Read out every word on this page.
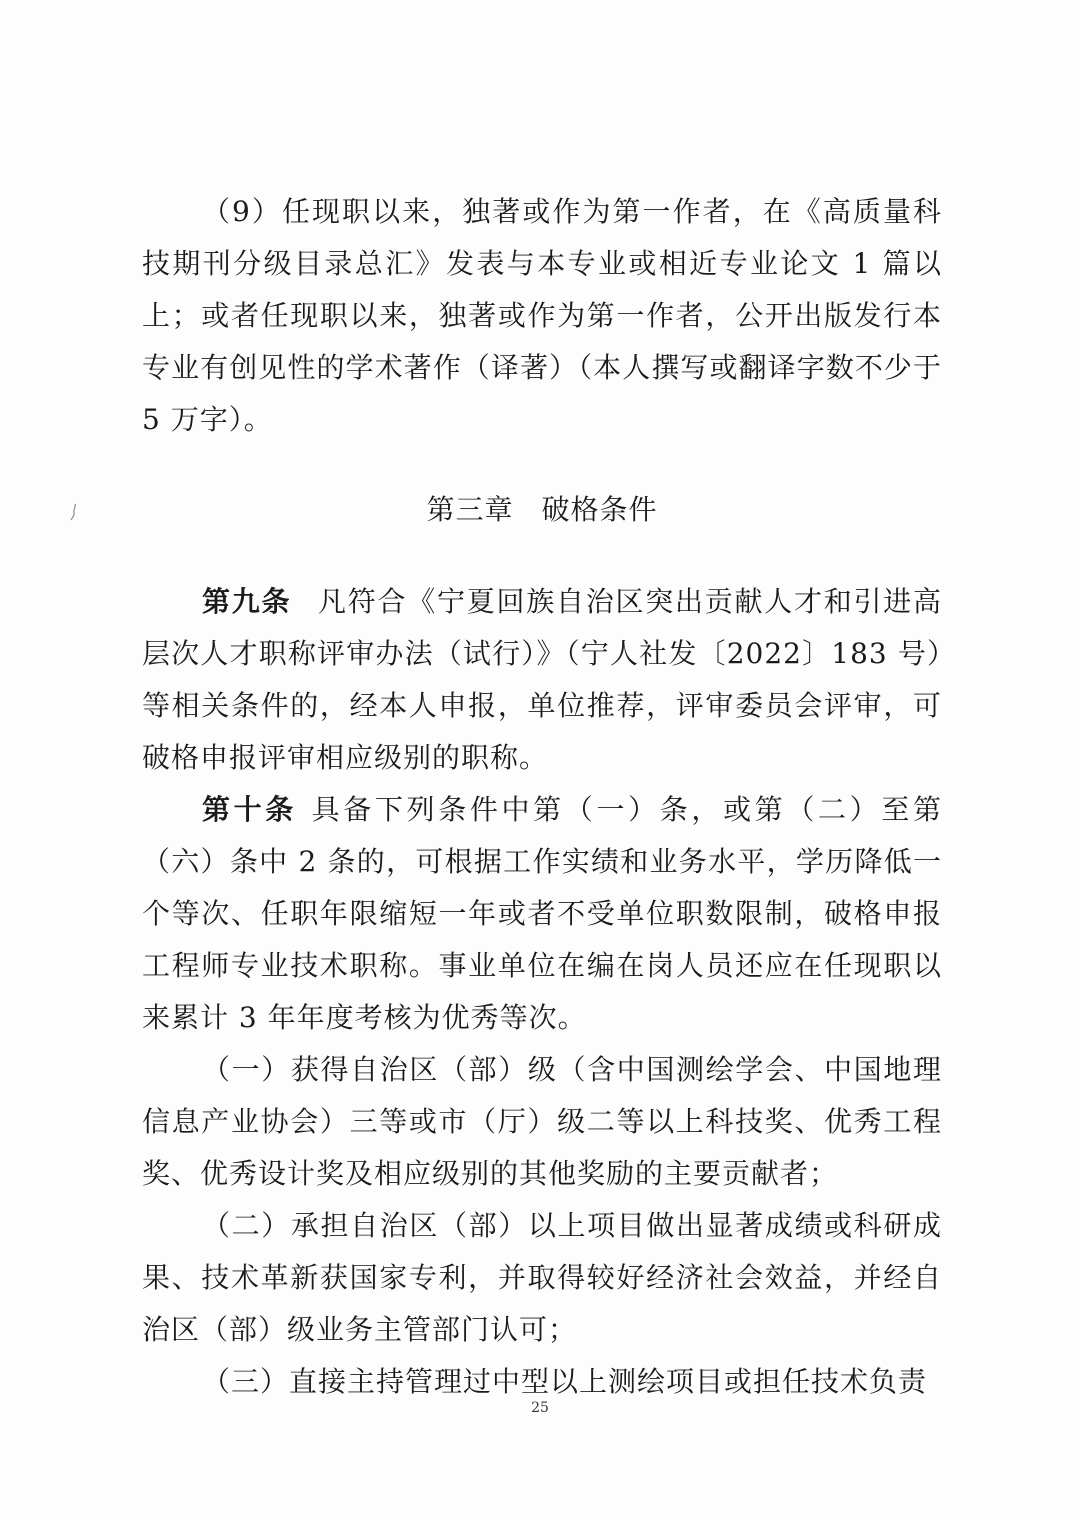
（9）任现职以来，独著或作为第一作者，在《高质量科技期刊分级目录总汇》发表与本专业或相近专业论文 1 篇以上；或者任现职以来，独著或作为第一作者，公开出版发行本专业有创见性的学术著作（译著）（本人撰写或翻译字数不少于 5 万字）。

第三章 破格条件

第九条 凡符合《宁夏回族自治区突出贡献人才和引进高层次人才职称评审办法（试行）》（宁人社发〔2022〕183 号）等相关条件的，经本人申报，单位推荐，评审委员会评审，可破格申报评审相应级别的职称。

第十条 具备下列条件中第（一）条，或第（二）至第（六）条中 2 条的，可根据工作实绩和业务水平，学历降低一个等次、任职年限缩短一年或者不受单位职数限制，破格申报工程师专业技术职称。事业单位在编在岗人员还应在任现职以来累计 3 年年度考核为优秀等次。

（一）获得自治区（部）级（含中国测绘学会、中国地理信息产业协会）三等或市（厅）级二等以上科技奖、优秀工程奖、优秀设计奖及相应级别的其他奖励的主要贡献者；

（二）承担自治区（部）以上项目做出显著成绩或科研成果、技术革新获国家专利，并取得较好经济社会效益，并经自治区（部）级业务主管部门认可；

（三）直接主持管理过中型以上测绘项目或担任技术负责

25
